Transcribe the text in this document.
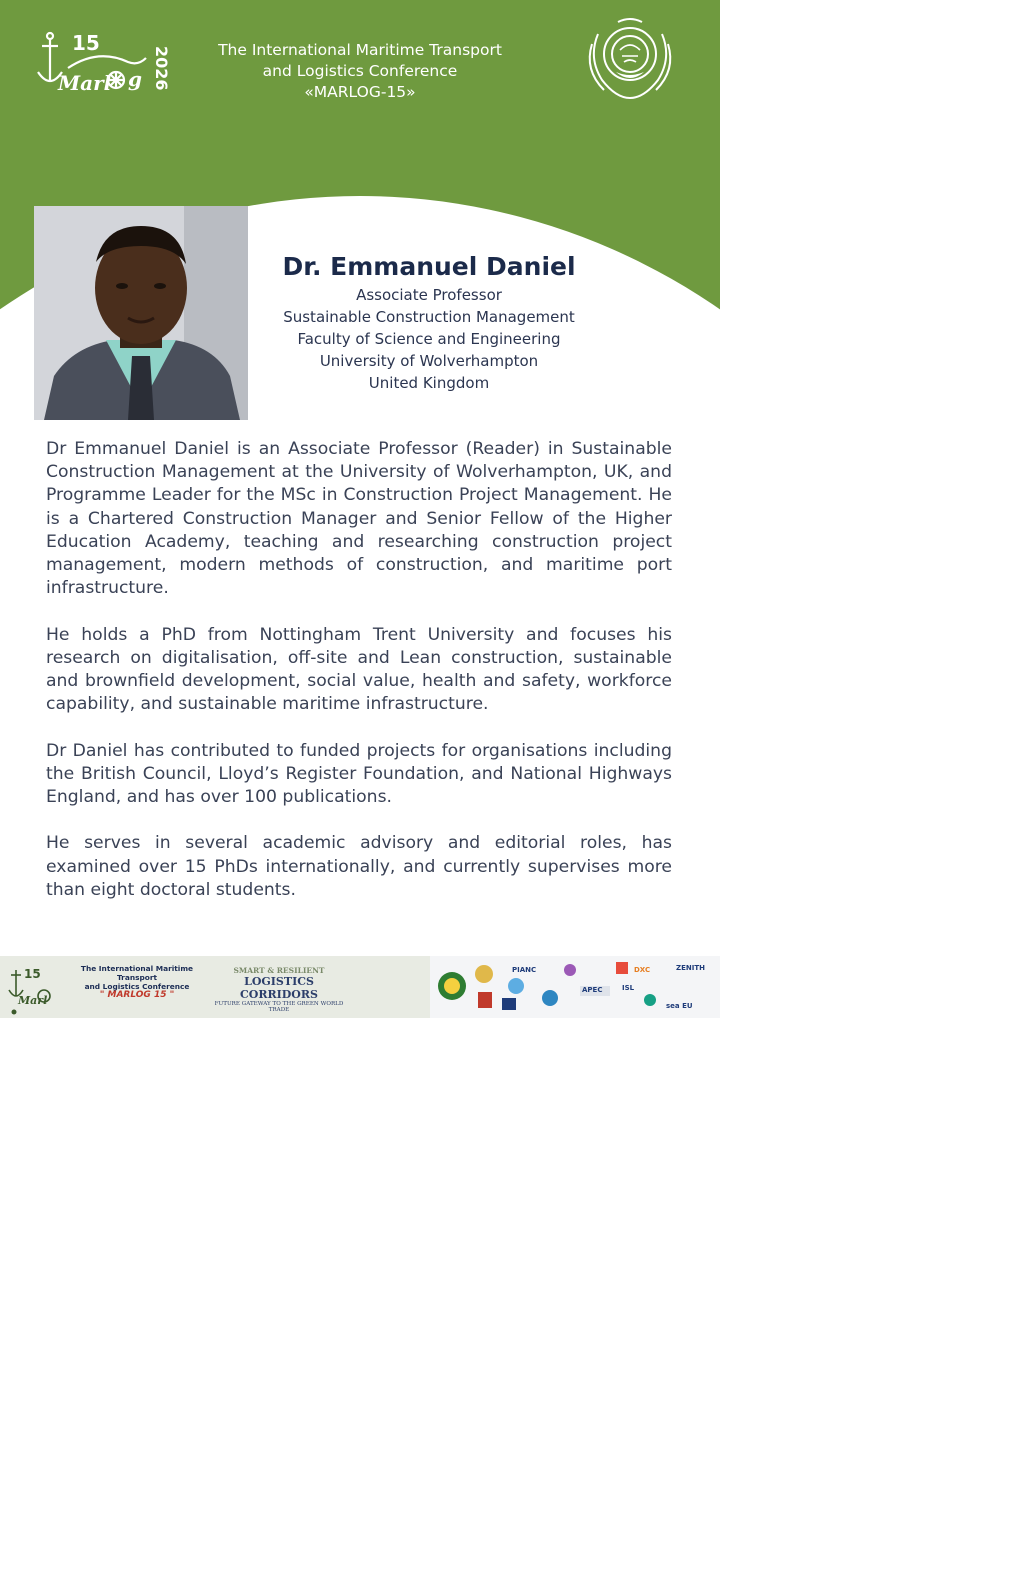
15
Marl	2026
g
The International Maritime Transport
and Logistics Conference
«MARLOG-15»
Dr. Emmanuel Daniel
Associate Professor
Sustainable Construction Management
Faculty of Science and Engineering
University of Wolverhampton
United Kingdom

Dr Emmanuel Daniel is an Associate Professor (Reader) in Sustainable Construction Management at the University of Wolverhampton, UK, and Programme Leader for the MSc in Construction Project Management. He is a Chartered Construction Manager and Senior Fellow of the Higher Education Academy, teaching and researching construction project management, modern methods of construction, and maritime port infrastructure.

He holds a PhD from Nottingham Trent University and focuses his research on digitalisation, off-site and Lean construction, sustainable and brownfield development, social value, health and safety, workforce capability, and sustainable maritime infrastructure.

Dr Daniel has contributed to funded projects for organisations including the British Council, Lloyd’s Register Foundation, and National Highways England, and has over 100 publications.

He serves in several academic advisory and editorial roles, has examined over 15 PhDs internationally, and currently supervises more than eight doctoral students.

15
Marl
The International Maritime Transport
and Logistics Conference
" MARLOG 15 "
SMART & RESILIENT
LOGISTICS CORRIDORS
FUTURE GATEWAY TO THE GREEN WORLD TRADE
PIANC
APEC	ISL
DXC	ZENITH
sea EU
